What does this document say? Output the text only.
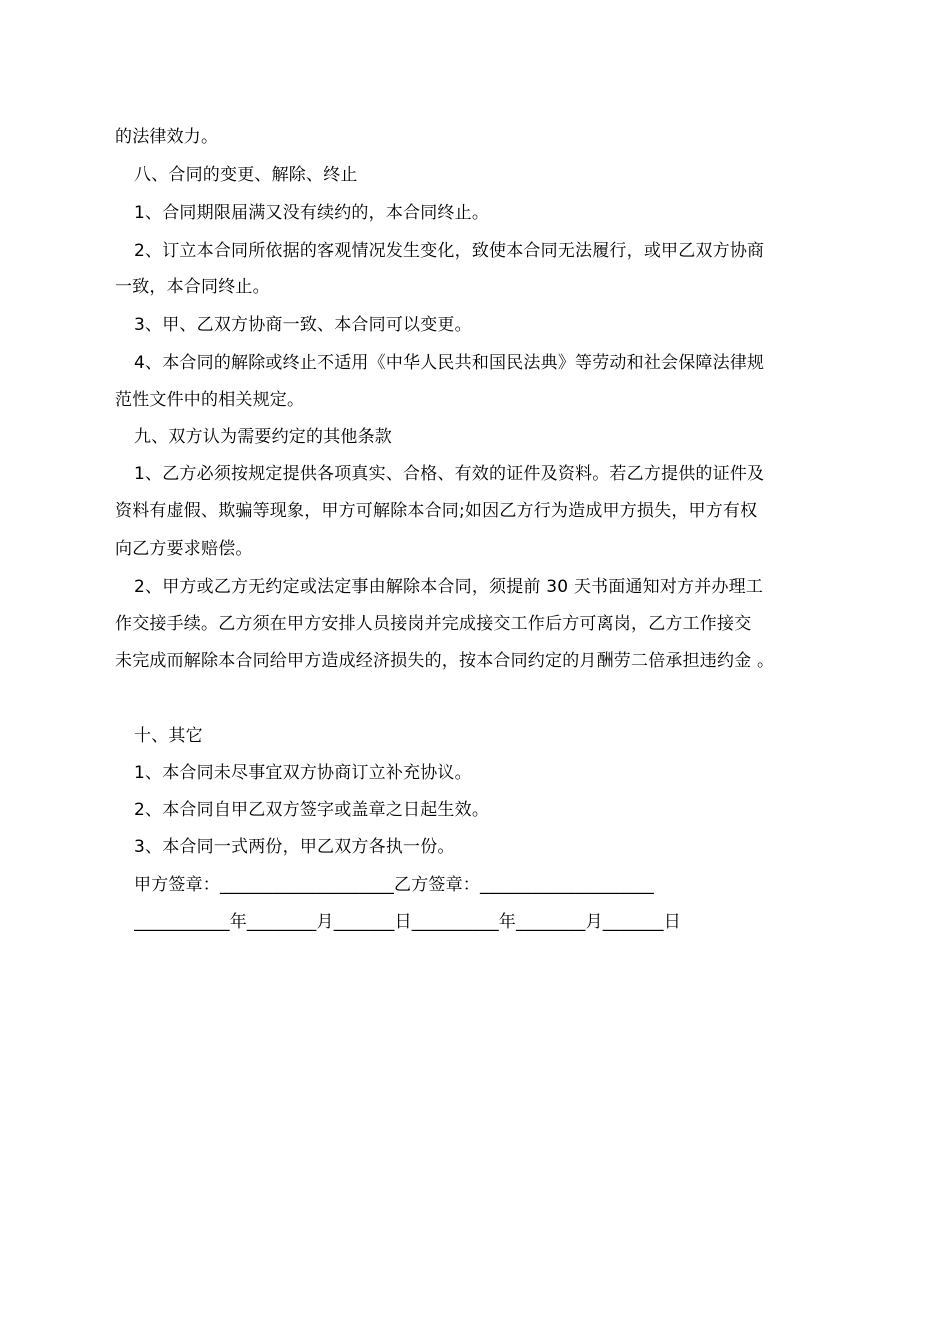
的法律效力。
八、合同的变更、解除、终止
1、合同期限届满又没有续约的，本合同终止。
2、订立本合同所依据的客观情况发生变化，致使本合同无法履行，或甲乙双方协商
一致，本合同终止。
3、甲、乙双方协商一致、本合同可以变更。
4、本合同的解除或终止不适用《中华人民共和国民法典》等劳动和社会保障法律规
范性文件中的相关规定。
九、双方认为需要约定的其他条款
1、乙方必须按规定提供各项真实、合格、有效的证件及资料。若乙方提供的证件及
资料有虚假、欺骗等现象，甲方可解除本合同;如因乙方行为造成甲方损失，甲方有权
向乙方要求赔偿。
2、甲方或乙方无约定或法定事由解除本合同，须提前 30 天书面通知对方并办理工
作交接手续。乙方须在甲方安排人员接岗并完成接交工作后方可离岗，乙方工作接交
未完成而解除本合同给甲方造成经济损失的，按本合同约定的月酬劳二倍承担违约金 。
十、其它
1、本合同未尽事宜双方协商订立补充协议。
2、本合同自甲乙双方签字或盖章之日起生效。
3、本合同一式两份，甲乙双方各执一份。
甲方签章：____________________乙方签章：____________________
___________年________月_______日__________年________月_______日
